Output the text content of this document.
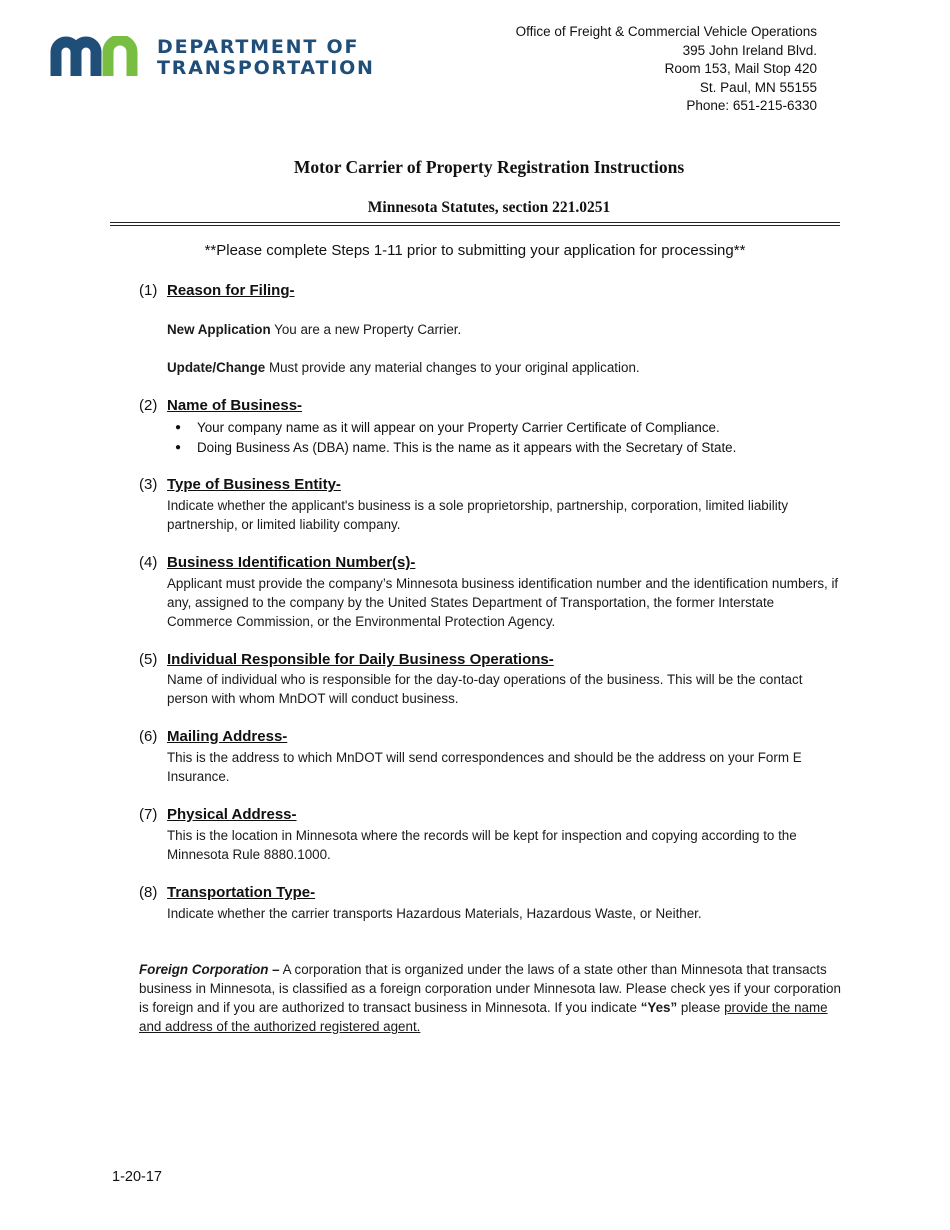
DEPARTMENT OF
TRANSPORTATION
Office of Freight & Commercial Vehicle Operations
395 John Ireland Blvd.
Room 153, Mail Stop 420
St. Paul, MN 55155
Phone: 651-215-6330
Motor Carrier of Property Registration Instructions
Minnesota Statutes, section 221.0251
**Please complete Steps 1-11 prior to submitting your application for processing**
(1) Reason for Filing-
New Application You are a new Property Carrier.
Update/Change Must provide any material changes to your original application.
(2) Name of Business-
● Your company name as it will appear on your Property Carrier Certificate of Compliance.
● Doing Business As (DBA) name. This is the name as it appears with the Secretary of State.
(3) Type of Business Entity-
Indicate whether the applicant's business is a sole proprietorship, partnership, corporation, limited liability partnership, or limited liability company.
(4) Business Identification Number(s)-
Applicant must provide the company’s Minnesota business identification number and the identification numbers, if any, assigned to the company by the United States Department of Transportation, the former Interstate Commerce Commission, or the Environmental Protection Agency.
(5) Individual Responsible for Daily Business Operations-
Name of individual who is responsible for the day-to-day operations of the business. This will be the contact person with whom MnDOT will conduct business.
(6) Mailing Address-
This is the address to which MnDOT will send correspondences and should be the address on your Form E Insurance.
(7) Physical Address-
This is the location in Minnesota where the records will be kept for inspection and copying according to the Minnesota Rule 8880.1000.
(8) Transportation Type-
Indicate whether the carrier transports Hazardous Materials, Hazardous Waste, or Neither.
Foreign Corporation – A corporation that is organized under the laws of a state other than Minnesota that transacts business in Minnesota, is classified as a foreign corporation under Minnesota law. Please check yes if your corporation is foreign and if you are authorized to transact business in Minnesota. If you indicate “Yes” please provide the name and address of the authorized registered agent.
1-20-17
